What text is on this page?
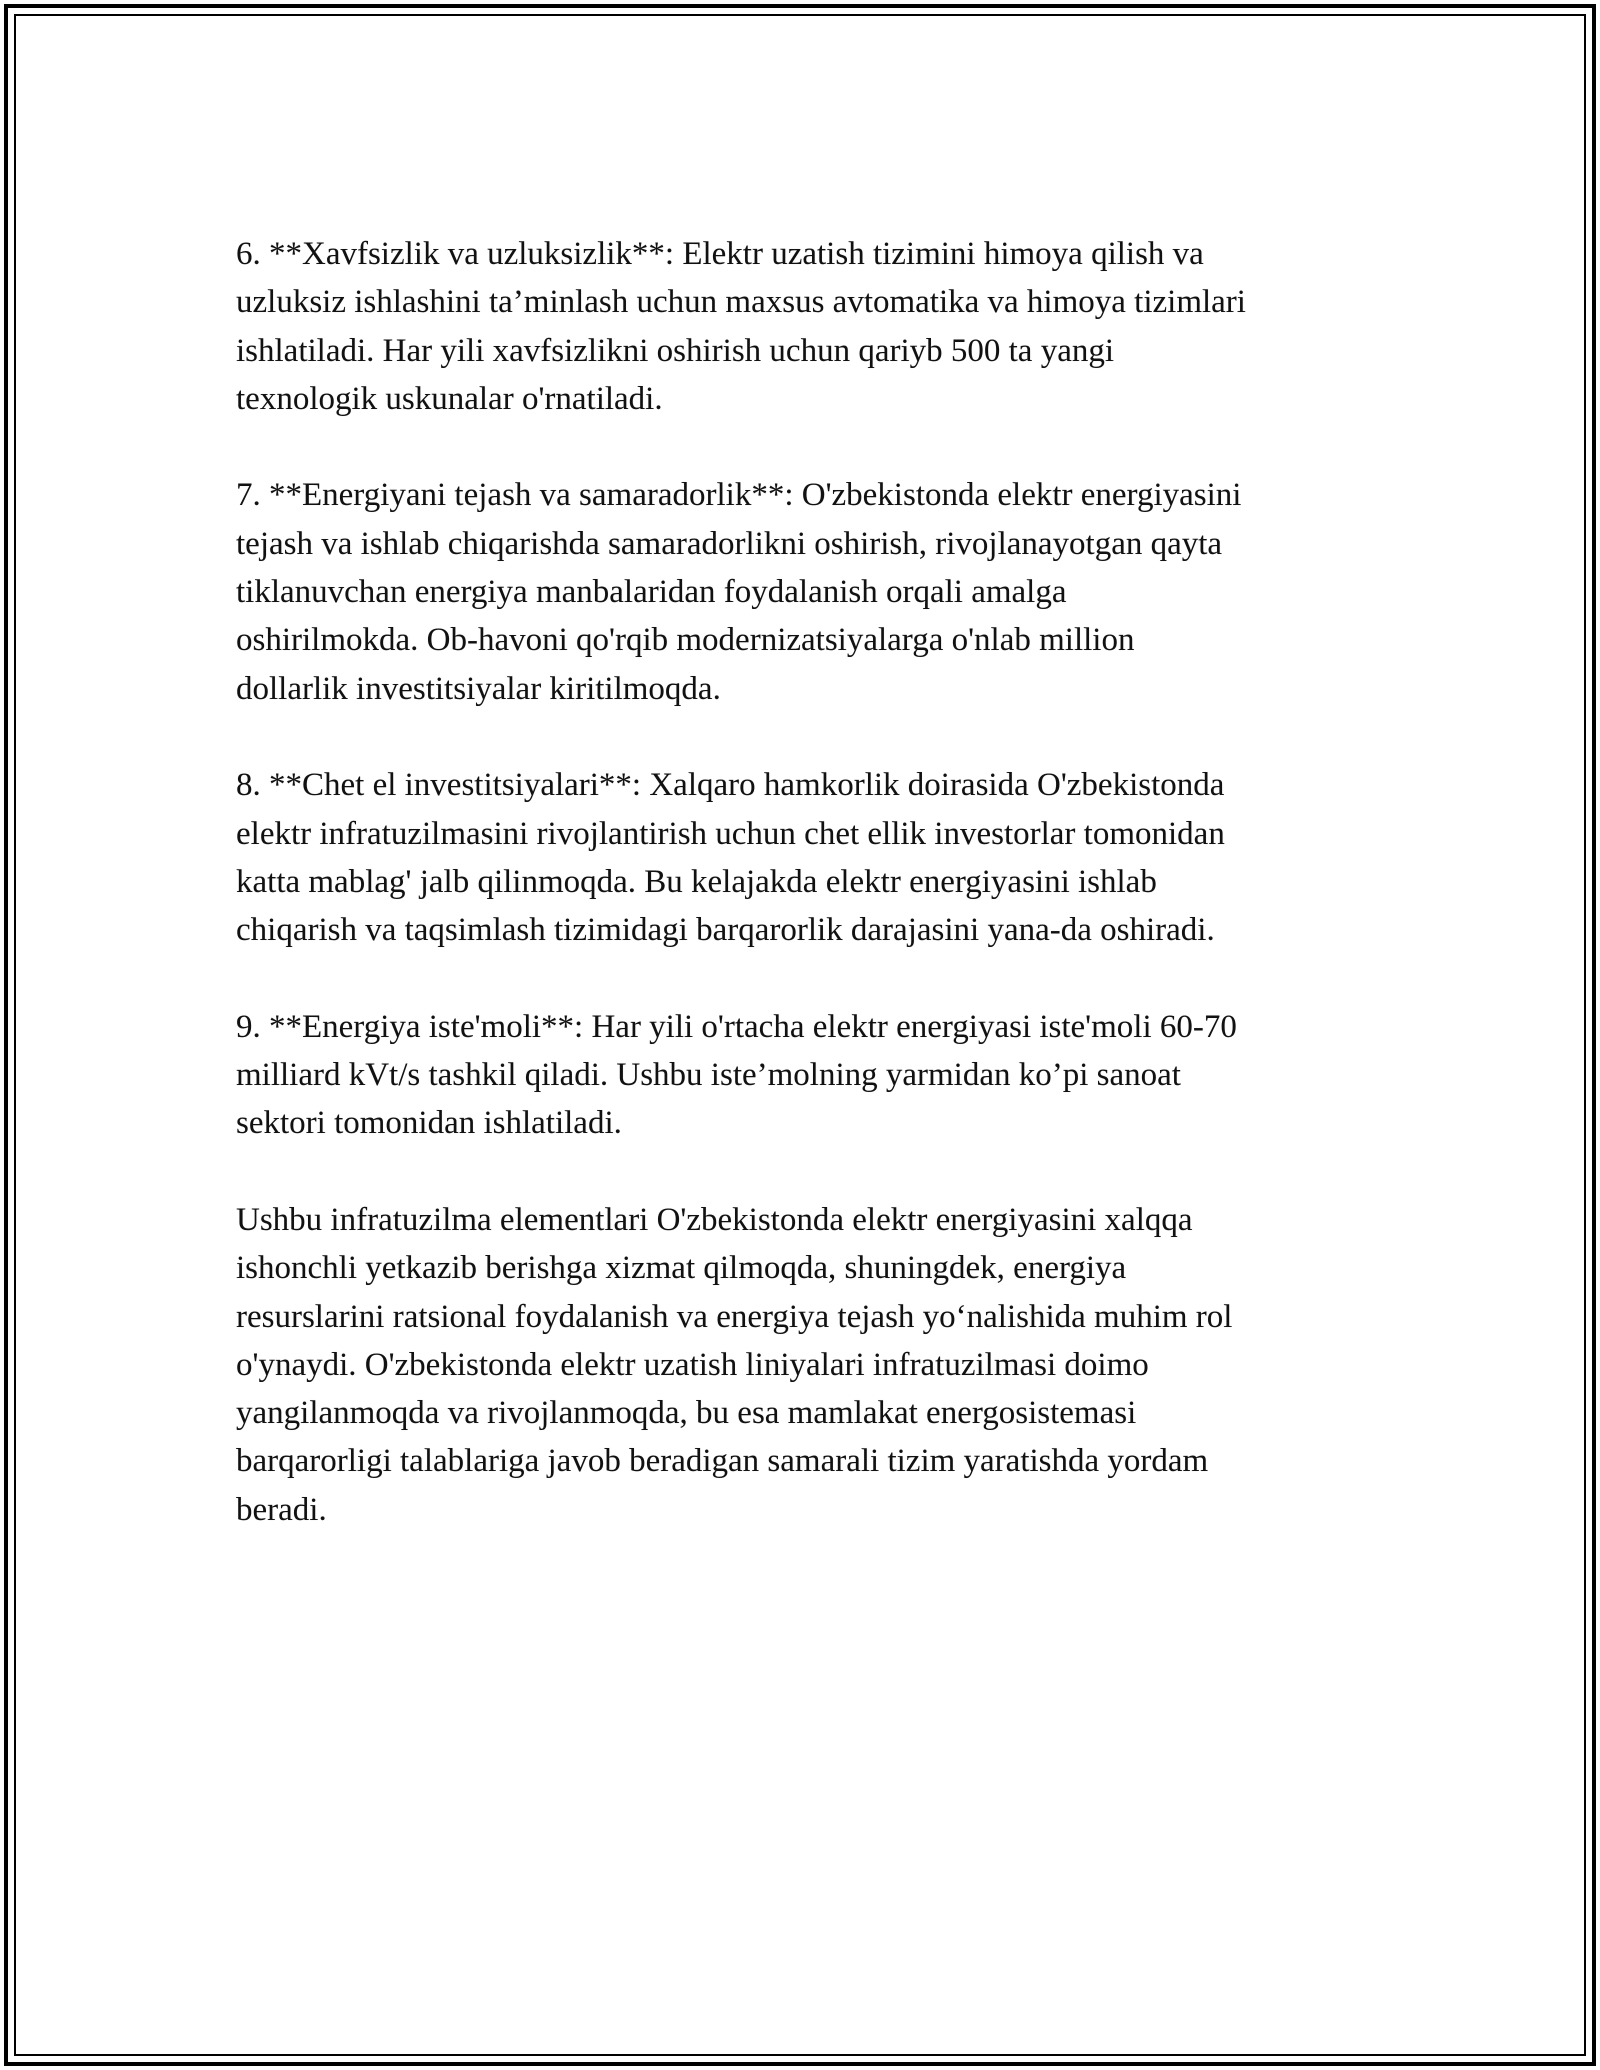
6. **Xavfsizlik va uzluksizlik**: Elektr uzatish tizimini himoya qilish va
uzluksiz ishlashini ta’minlash uchun maxsus avtomatika va himoya tizimlari
ishlatiladi. Har yili xavfsizlikni oshirish uchun qariyb 500 ta yangi
texnologik uskunalar o'rnatiladi.

7. **Energiyani tejash va samaradorlik**: O'zbekistonda elektr energiyasini
tejash va ishlab chiqarishda samaradorlikni oshirish, rivojlanayotgan qayta
tiklanuvchan energiya manbalaridan foydalanish orqali amalga
oshirilmokda. Ob-havoni qo'rqib modernizatsiyalarga o'nlab million
dollarlik investitsiyalar kiritilmoqda.

8. **Chet el investitsiyalari**: Xalqaro hamkorlik doirasida O'zbekistonda
elektr infratuzilmasini rivojlantirish uchun chet ellik investorlar tomonidan
katta mablag' jalb qilinmoqda. Bu kelajakda elektr energiyasini ishlab
chiqarish va taqsimlash tizimidagi barqarorlik darajasini yana-da oshiradi.

9. **Energiya iste'moli**: Har yili o'rtacha elektr energiyasi iste'moli 60-70
milliard kVt/s tashkil qiladi. Ushbu iste’molning yarmidan ko’pi sanoat
sektori tomonidan ishlatiladi.

Ushbu infratuzilma elementlari O'zbekistonda elektr energiyasini xalqqa
ishonchli yetkazib berishga xizmat qilmoqda, shuningdek, energiya
resurslarini ratsional foydalanish va energiya tejash yo‘nalishida muhim rol
o'ynaydi. O'zbekistonda elektr uzatish liniyalari infratuzilmasi doimo
yangilanmoqda va rivojlanmoqda, bu esa mamlakat energosistemasi
barqarorligi talablariga javob beradigan samarali tizim yaratishda yordam
beradi.
